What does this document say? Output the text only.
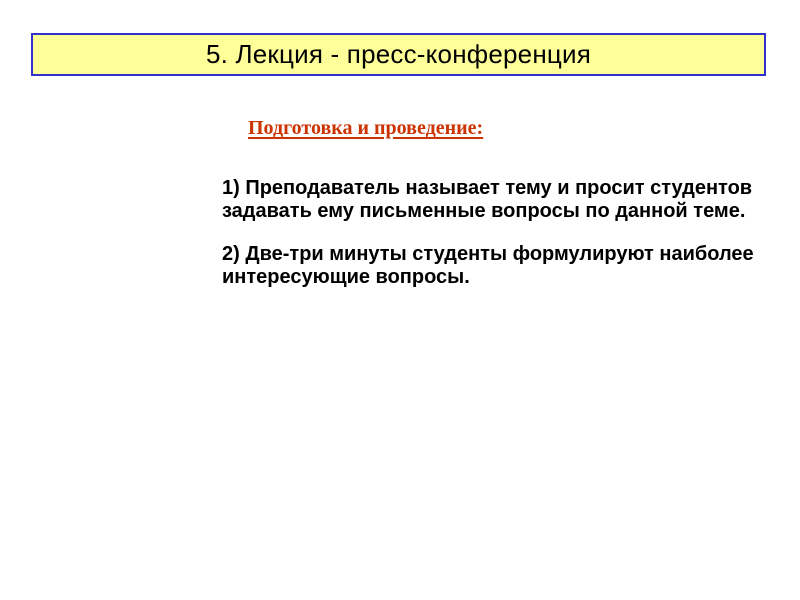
5. Лекция - пресс-конференция
Подготовка и проведение:
1) Преподаватель называет тему и просит студентов задавать ему письменные вопросы по данной теме.
2) Две-три минуты студенты формулируют наиболее интересующие вопросы.
